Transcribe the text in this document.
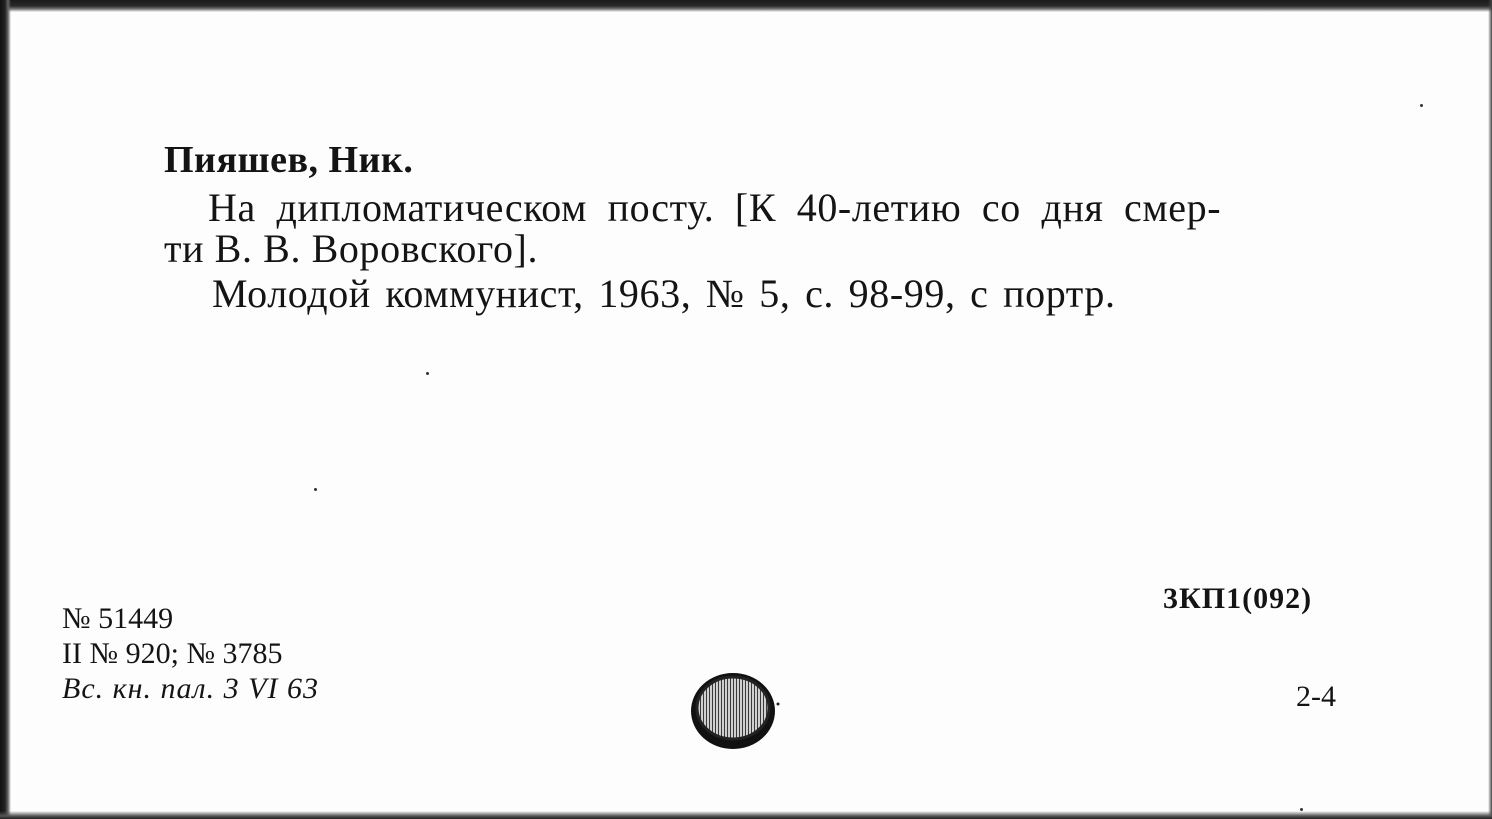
Пияшев, Ник.
На дипломатическом посту. [К 40-летию со дня смер-
ти В. В. Воровского].
Молодой коммунист, 1963, № 5, с. 98-99, с портр.
№ 51449
II № 920; № 3785
Вс. кн. пал. 3 VI 63
3КП1(092)
2-4
